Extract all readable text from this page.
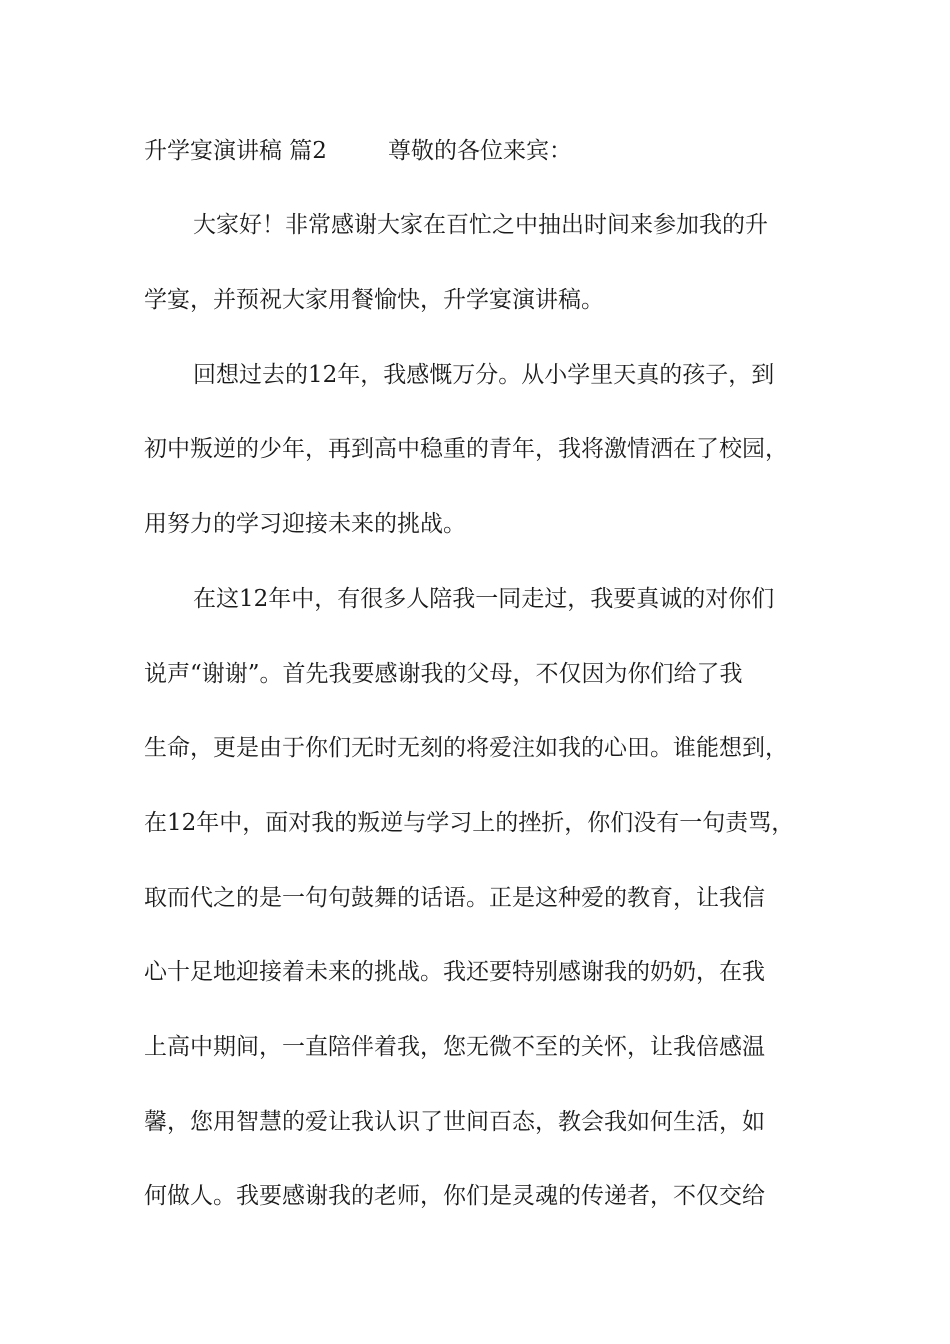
升学宴演讲稿 篇2	尊敬的各位来宾：
大家好！非常感谢大家在百忙之中抽出时间来参加我的升
学宴，并预祝大家用餐愉快，升学宴演讲稿。
回想过去的12年，我感慨万分。从小学里天真的孩子，到
初中叛逆的少年，再到高中稳重的青年，我将激情洒在了校园，
用努力的学习迎接未来的挑战。
在这12年中，有很多人陪我一同走过，我要真诚的对你们
说声“谢谢”。首先我要感谢我的父母，不仅因为你们给了我
生命，更是由于你们无时无刻的将爱注如我的心田。谁能想到，
在12年中，面对我的叛逆与学习上的挫折，你们没有一句责骂，
取而代之的是一句句鼓舞的话语。正是这种爱的教育，让我信
心十足地迎接着未来的挑战。我还要特别感谢我的奶奶，在我
上高中期间，一直陪伴着我，您无微不至的关怀，让我倍感温
馨，您用智慧的爱让我认识了世间百态，教会我如何生活，如
何做人。我要感谢我的老师，你们是灵魂的传递者，不仅交给
